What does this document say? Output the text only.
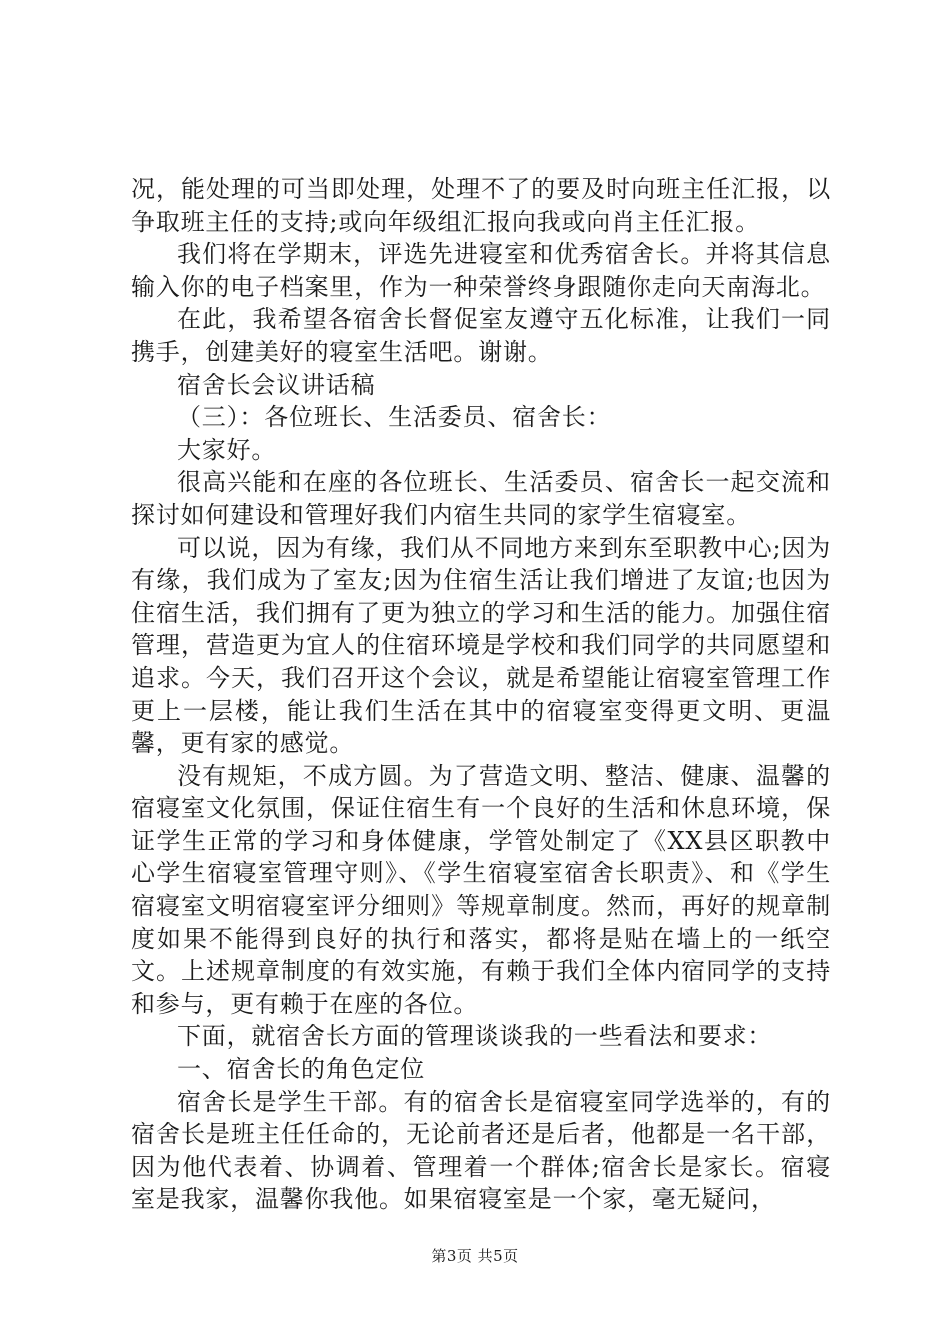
况，能处理的可当即处理，处理不了的要及时向班主任汇报，以争取班主任的支持;或向年级组汇报向我或向肖主任汇报。

我们将在学期末，评选先进寝室和优秀宿舍长。并将其信息输入你的电子档案里，作为一种荣誉终身跟随你走向天南海北。

在此，我希望各宿舍长督促室友遵守五化标准，让我们一同携手，创建美好的寝室生活吧。谢谢。

宿舍长会议讲话稿

（三）：各位班长、生活委员、宿舍长：

大家好。

很高兴能和在座的各位班长、生活委员、宿舍长一起交流和探讨如何建设和管理好我们内宿生共同的家学生宿寝室。

可以说，因为有缘，我们从不同地方来到东至职教中心;因为有缘，我们成为了室友;因为住宿生活让我们增进了友谊;也因为住宿生活，我们拥有了更为独立的学习和生活的能力。加强住宿管理，营造更为宜人的住宿环境是学校和我们同学的共同愿望和追求。今天，我们召开这个会议，就是希望能让宿寝室管理工作更上一层楼，能让我们生活在其中的宿寝室变得更文明、更温馨，更有家的感觉。

没有规矩，不成方圆。为了营造文明、整洁、健康、温馨的宿寝室文化氛围，保证住宿生有一个良好的生活和休息环境，保证学生正常的学习和身体健康，学管处制定了《XX县区职教中心学生宿寝室管理守则》、《学生宿寝室宿舍长职责》、和《学生宿寝室文明宿寝室评分细则》等规章制度。然而，再好的规章制度如果不能得到良好的执行和落实，都将是贴在墙上的一纸空文。上述规章制度的有效实施，有赖于我们全体内宿同学的支持和参与，更有赖于在座的各位。

下面，就宿舍长方面的管理谈谈我的一些看法和要求：

一、宿舍长的角色定位

宿舍长是学生干部。有的宿舍长是宿寝室同学选举的，有的宿舍长是班主任任命的，无论前者还是后者，他都是一名干部，因为他代表着、协调着、管理着一个群体;宿舍长是家长。宿寝室是我家，温馨你我他。如果宿寝室是一个家，毫无疑问，

第3页 共5页
